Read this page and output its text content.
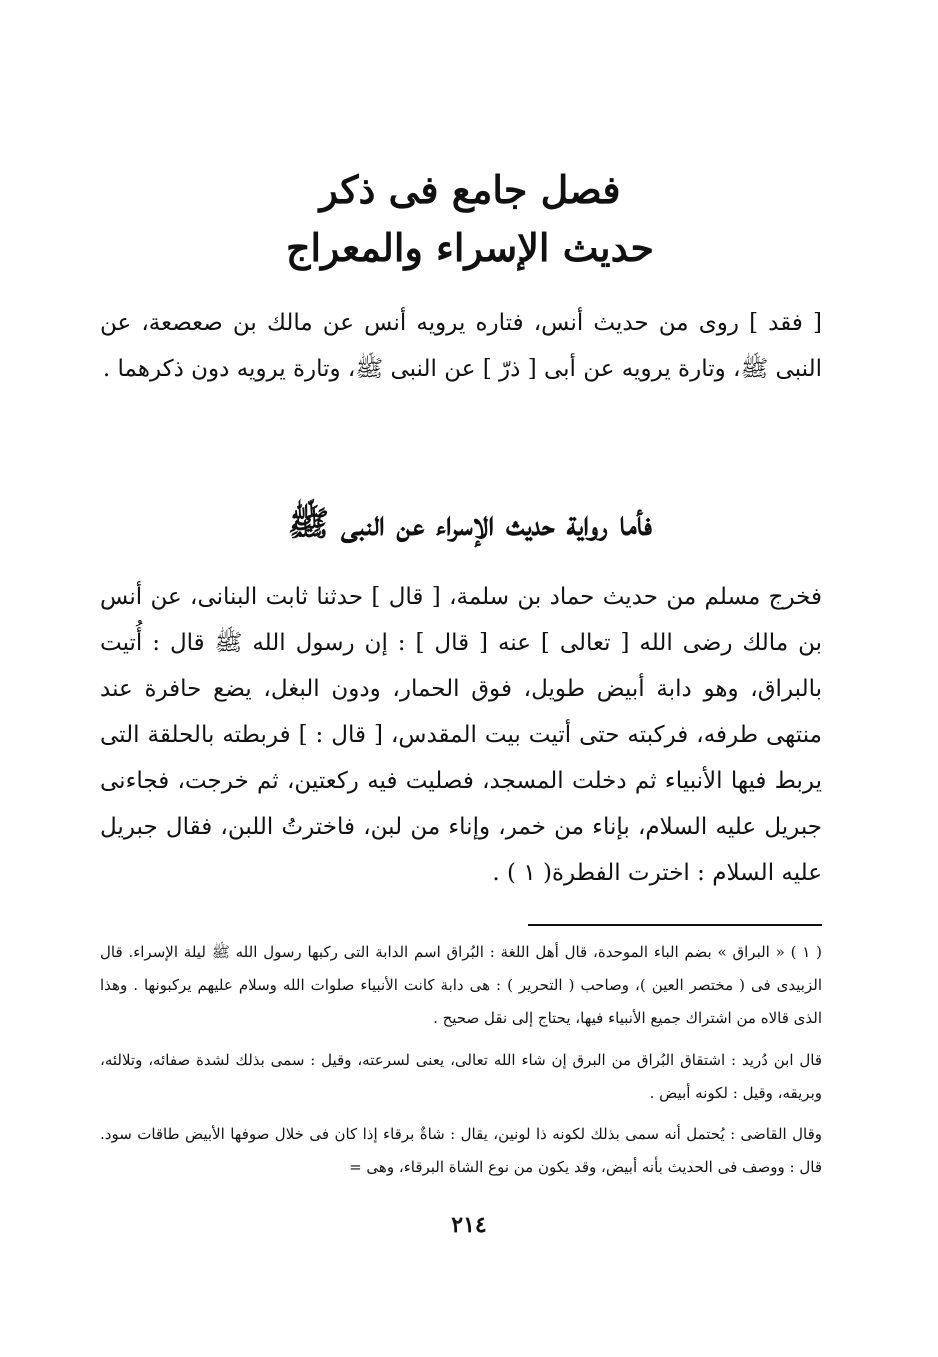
فصل جامع فى ذكر
حديث الإسراء والمعراج

[ فقد ] روى من حديث أنس، فتاره يرويه أنس عن مالك بن صعصعة، عن النبى ﷺ، وتارة يرويه عن أبى [ ذرّ ] عن النبى ﷺ، وتارة يرويه دون ذكرهما .

فأما رواية حديث الإسراء عن النبى ﷺ

فخرج مسلم من حديث حماد بن سلمة، [ قال ] حدثنا ثابت البنانى، عن أنس بن مالك رضى الله [ تعالى ] عنه [ قال ] : إن رسول الله ﷺ قال : أُتيت بالبراق، وهو دابة أبيض طويل، فوق الحمار، ودون البغل، يضع حافرة عند منتهى طرفه، فركبته حتى أتيت بيت المقدس، [ قال : ] فربطته بالحلقة التى يربط فيها الأنبياء ثم دخلت المسجد، فصليت فيه ركعتين، ثم خرجت، فجاءنى جبريل عليه السلام، بإناء من خمر، وإناء من لبن، فاخترتُ اللبن، فقال جبريل عليه السلام : اخترت الفطرة( ١ ) .

( ١ ) « البراق » بضم الباء الموحدة، قال أهل اللغة : البُراق اسم الدابة التى ركبها رسول الله ﷺ ليلة الإسراء. قال الزبيدى فى ( مختصر العين )، وصاحب ( التحرير ) : هى دابة كانت الأنبياء صلوات الله وسلام عليهم يركبونها . وهذا الذى قالاه من اشتراك جميع الأنبياء فيها، يحتاج إلى نقل صحيح .

قال ابن دُريد : اشتقاق البُراق من البرق إن شاء الله تعالى، يعنى لسرعته، وقيل : سمى بذلك لشدة صفائه، وتلالئه، وبريقه، وقيل : لكونه أبيض .

وقال القاضى : يُحتمل أنه سمى بذلك لكونه ذا لونين، يقال : شاةٌ برقاء إذا كان فى خلال صوفها الأبيض طاقات سود. قال : ووصف فى الحديث بأنه أبيض، وقد يكون من نوع الشاة البرقاء، وهى =

٢١٤
